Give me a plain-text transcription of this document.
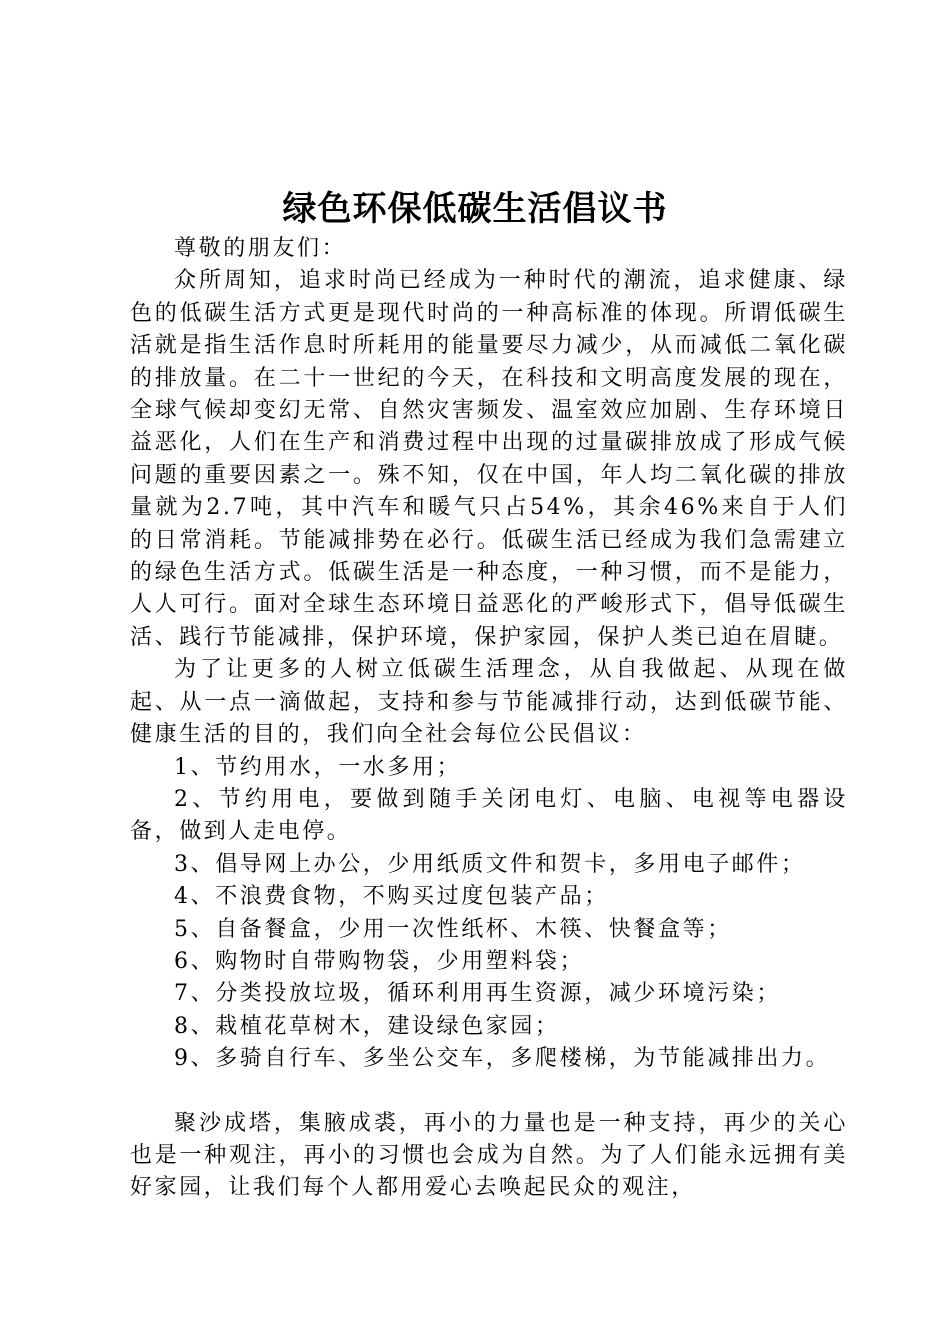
绿色环保低碳生活倡议书

尊敬的朋友们：

众所周知，追求时尚已经成为一种时代的潮流，追求健康、绿色的低碳生活方式更是现代时尚的一种高标准的体现。所谓低碳生活就是指生活作息时所耗用的能量要尽力减少，从而减低二氧化碳的排放量。在二十一世纪的今天，在科技和文明高度发展的现在，全球气候却变幻无常、自然灾害频发、温室效应加剧、生存环境日益恶化，人们在生产和消费过程中出现的过量碳排放成了形成气候问题的重要因素之一。殊不知，仅在中国，年人均二氧化碳的排放量就为2.7吨，其中汽车和暖气只占54%，其余46%来自于人们的日常消耗。节能减排势在必行。低碳生活已经成为我们急需建立的绿色生活方式。低碳生活是一种态度，一种习惯，而不是能力，人人可行。面对全球生态环境日益恶化的严峻形式下，倡导低碳生活、践行节能减排，保护环境，保护家园，保护人类已迫在眉睫。

为了让更多的人树立低碳生活理念，从自我做起、从现在做起、从一点一滴做起，支持和参与节能减排行动，达到低碳节能、健康生活的目的，我们向全社会每位公民倡议：

1、节约用水，一水多用；

2、节约用电，要做到随手关闭电灯、电脑、电视等电器设备，做到人走电停。

3、倡导网上办公，少用纸质文件和贺卡，多用电子邮件；

4、不浪费食物，不购买过度包装产品；

5、自备餐盒，少用一次性纸杯、木筷、快餐盒等；

6、购物时自带购物袋，少用塑料袋；

7、分类投放垃圾，循环利用再生资源，减少环境污染；

8、栽植花草树木，建设绿色家园；

9、多骑自行车、多坐公交车，多爬楼梯，为节能减排出力。

聚沙成塔，集腋成裘，再小的力量也是一种支持，再少的关心也是一种观注，再小的习惯也会成为自然。为了人们能永远拥有美好家园，让我们每个人都用爱心去唤起民众的观注，
